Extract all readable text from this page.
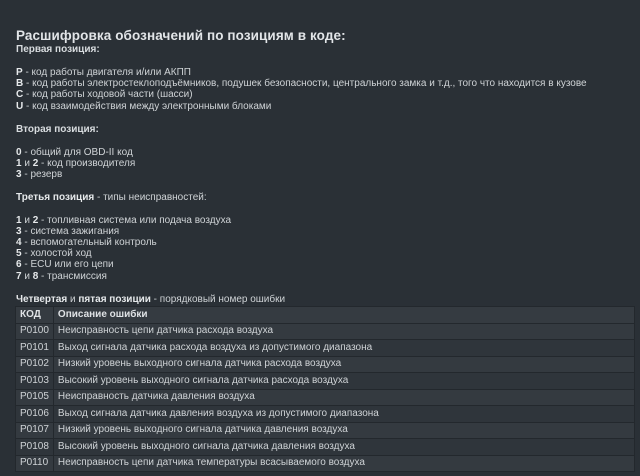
Расшифровка обозначений по позициям в коде:
Первая позиция:
P - код работы двигателя и/или АКПП
B - код работы электростеклоподъёмников, подушек безопасности, центрального замка и т.д., того что находится в кузове
C - код работы ходовой части (шасси)
U - код взаимодействия между электронными блоками
Вторая позиция:
0 - общий для OBD-II код
1 и 2 - код производителя
3 - резерв
Третья позиция - типы неисправностей:
1 и 2 - топливная система или подача воздуха
3 - система зажигания
4 - вспомогательный контроль
5 - холостой ход
6 - ECU или его цепи
7 и 8 - трансмиссия
Четвертая и пятая позиции - порядковый номер ошибки
КОД	Описание ошибки
P0100	Неисправность цепи датчика расхода воздуха
P0101	Выход сигнала датчика расхода воздуха из допустимого диапазона
P0102	Низкий уровень выходного сигнала датчика расхода воздуха
P0103	Высокий уровень выходного сигнала датчика расхода воздуха
P0105	Неисправность датчика давления воздуха
P0106	Выход сигнала датчика давления воздуха из допустимого диапазона
P0107	Низкий уровень выходного сигнала датчика давления воздуха
P0108	Высокий уровень выходного сигнала датчика давления воздуха
P0110	Неисправность цепи датчика температуры всасываемого воздуха
